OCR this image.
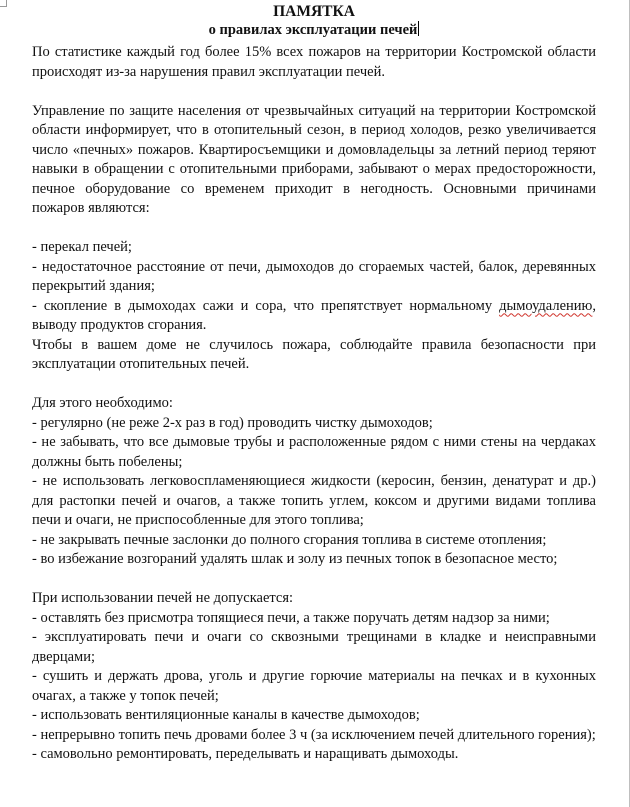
ПАМЯТКА
о правилах эксплуатации печей

По статистике каждый год более 15% всех пожаров на территории Костромской области происходят из-за нарушения правил эксплуатации печей.

Управление по защите населения от чрезвычайных ситуаций на территории Костромской области информирует, что в отопительный сезон, в период холодов, резко увеличивается число «печных» пожаров. Квартиросъемщики и домовладельцы за летний период теряют навыки в обращении с отопительными приборами, забывают о мерах предосторожности, печное оборудование со временем приходит в негодность. Основными причинами пожаров являются:

- перекал печей;

- недостаточное расстояние от печи, дымоходов до сгораемых частей, балок, деревянных перекрытий здания;

- скопление в дымоходах сажи и сора, что препятствует нормальному дымоудалению, выводу продуктов сгорания.

Чтобы в вашем доме не случилось пожара, соблюдайте правила безопасности при эксплуатации отопительных печей.

Для этого необходимо:

- регулярно (не реже 2-х раз в год) проводить чистку дымоходов;

- не забывать, что все дымовые трубы и расположенные рядом с ними стены на чердаках должны быть побелены;

- не использовать легковоспламеняющиеся жидкости (керосин, бензин, денатурат и др.) для растопки печей и очагов, а также топить углем, коксом и другими видами топлива печи и очаги, не приспособленные для этого топлива;

- не закрывать печные заслонки до полного сгорания топлива в системе отопления;

- во избежание возгораний удалять шлак и золу из печных топок в безопасное место;

При использовании печей не допускается:

- оставлять без присмотра топящиеся печи, а также поручать детям надзор за ними;

- эксплуатировать печи и очаги со сквозными трещинами в кладке и неисправными дверцами;

- сушить и держать дрова, уголь и другие горючие материалы на печках и в кухонных очагах, а также у топок печей;

- использовать вентиляционные каналы в качестве дымоходов;

- непрерывно топить печь дровами более 3 ч (за исключением печей длительного горения);

- самовольно ремонтировать, переделывать и наращивать дымоходы.
